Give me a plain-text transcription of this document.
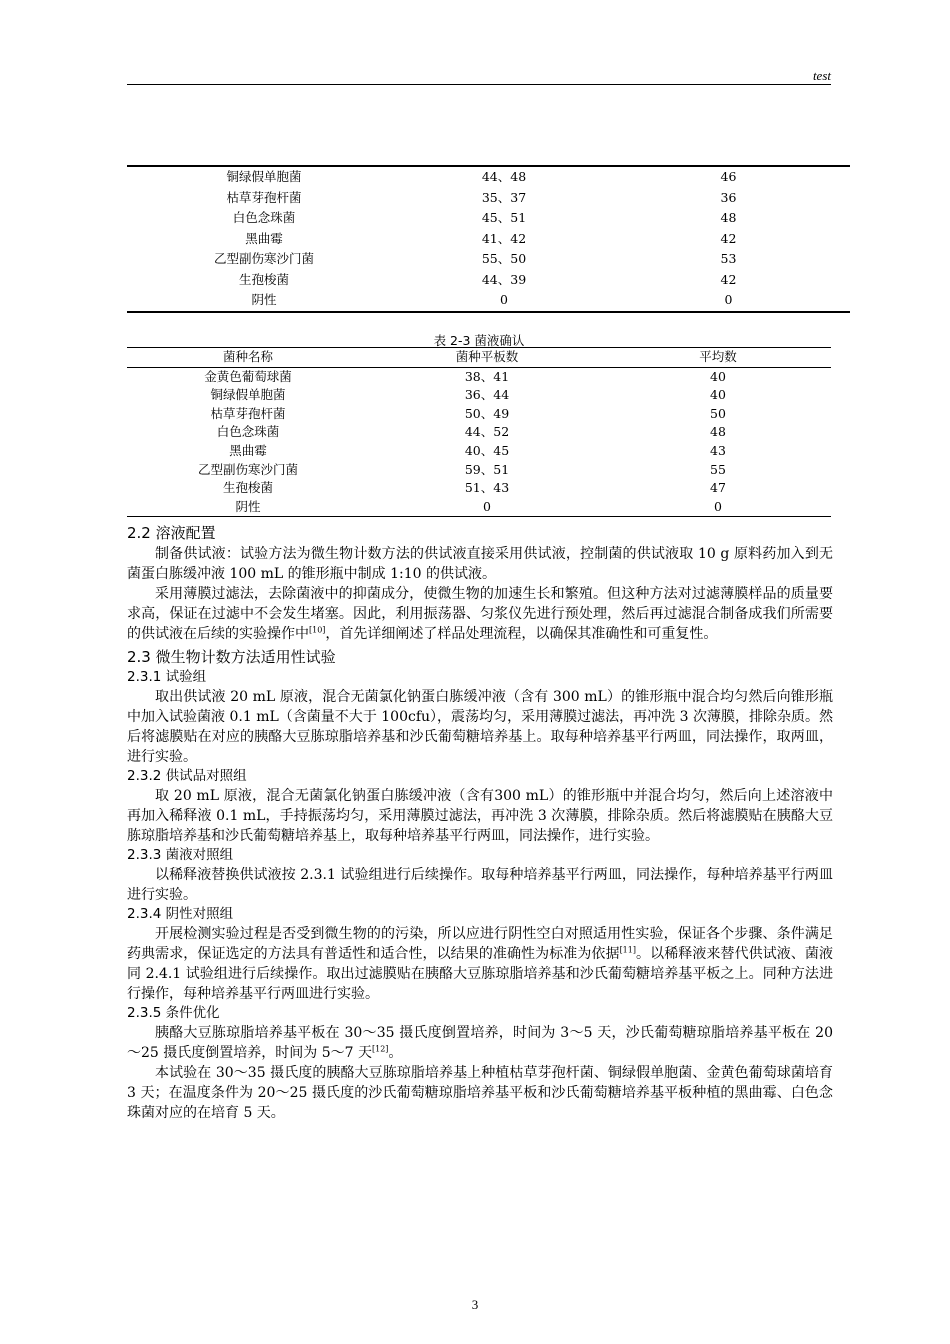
test
铜绿假单胞菌	44、48	46
枯草芽孢杆菌	35、37	36
白色念珠菌	45、51	48
黑曲霉	41、42	42
乙型副伤寒沙门菌	55、50	53
生孢梭菌	44、39	42
阴性	0	0
表 2-3 菌液确认
菌种名称	菌种平板数	平均数
金黄色葡萄球菌	38、41	40
铜绿假单胞菌	36、44	40
枯草芽孢杆菌	50、49	50
白色念珠菌	44、52	48
黑曲霉	40、45	43
乙型副伤寒沙门菌	59、51	55
生孢梭菌	51、43	47
阴性	0	0
2.2 溶液配置

制备供试液：试验方法为微生物计数方法的供试液直接采用供试液，控制菌的供试液取 10 g 原料药加入到无菌蛋白胨缓冲液 100 mL 的锥形瓶中制成 1:10 的供试液。

采用薄膜过滤法，去除菌液中的抑菌成分，使微生物的加速生长和繁殖。但这种方法对过滤薄膜样品的质量要求高，保证在过滤中不会发生堵塞。因此，利用振荡器、匀浆仪先进行预处理，然后再过滤混合制备成我们所需要的供试液在后续的实验操作中[10]，首先详细阐述了样品处理流程，以确保其准确性和可重复性。

2.3 微生物计数方法适用性试验
2.3.1 试验组

取出供试液 20 mL 原液，混合无菌氯化钠蛋白胨缓冲液（含有 300 mL）的锥形瓶中混合均匀然后向锥形瓶中加入试验菌液 0.1 mL（含菌量不大于 100cfu），震荡均匀，采用薄膜过滤法，再冲洗 3 次薄膜，排除杂质。然后将滤膜贴在对应的胰酪大豆胨琼脂培养基和沙氏葡萄糖培养基上。取每种培养基平行两皿，同法操作，取两皿，进行实验。

2.3.2 供试品对照组

取 20 mL 原液，混合无菌氯化钠蛋白胨缓冲液（含有300 mL）的锥形瓶中并混合均匀，然后向上述溶液中再加入稀释液 0.1 mL，手持振荡均匀，采用薄膜过滤法，再冲洗 3 次薄膜，排除杂质。然后将滤膜贴在胰酪大豆胨琼脂培养基和沙氏葡萄糖培养基上，取每种培养基平行两皿，同法操作，进行实验。

2.3.3 菌液对照组

以稀释液替换供试液按 2.3.1 试验组进行后续操作。取每种培养基平行两皿，同法操作，每种培养基平行两皿进行实验。

2.3.4 阴性对照组

开展检测实验过程是否受到微生物的的污染，所以应进行阴性空白对照适用性实验，保证各个步骤、条件满足药典需求，保证选定的方法具有普适性和适合性，以结果的准确性为标准为依据[11]。以稀释液来替代供试液、菌液同 2.4.1 试验组进行后续操作。取出过滤膜贴在胰酪大豆胨琼脂培养基和沙氏葡萄糖培养基平板之上。同种方法进行操作，每种培养基平行两皿进行实验。

2.3.5 条件优化

胰酪大豆胨琼脂培养基平板在 30～35 摄氏度倒置培养，时间为 3～5 天，沙氏葡萄糖琼脂培养基平板在 20～25 摄氏度倒置培养，时间为 5～7 天[12]。

本试验在 30～35 摄氏度的胰酪大豆胨琼脂培养基上种植枯草芽孢杆菌、铜绿假单胞菌、金黄色葡萄球菌培育 3 天；在温度条件为 20～25 摄氏度的沙氏葡萄糖琼脂培养基平板和沙氏葡萄糖培养基平板种植的黑曲霉、白色念珠菌对应的在培育 5 天。

3
